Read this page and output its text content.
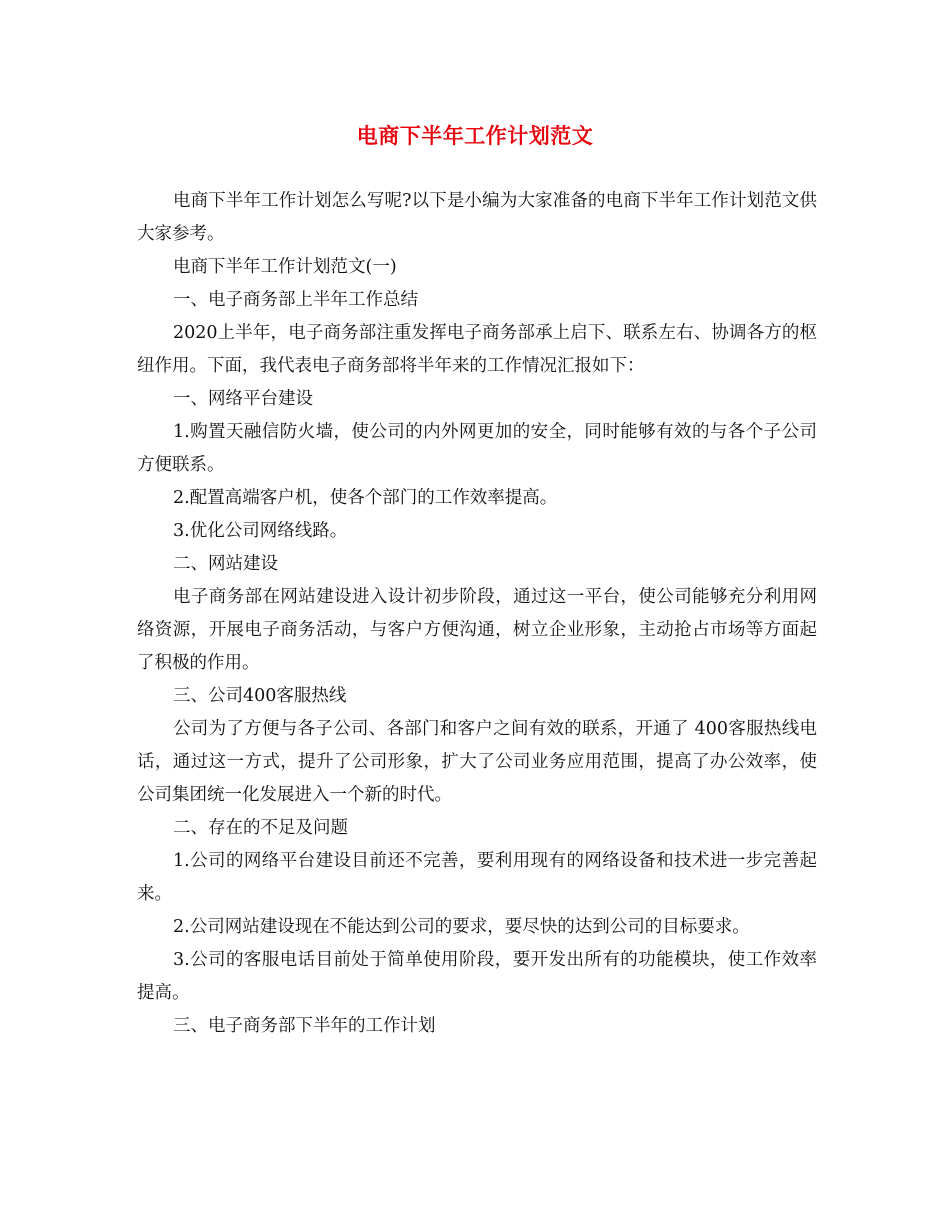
电商下半年工作计划范文

电商下半年工作计划怎么写呢?以下是小编为大家准备的电商下半年工作计划范文供大家参考。

电商下半年工作计划范文(一)

一、电子商务部上半年工作总结

2020上半年，电子商务部注重发挥电子商务部承上启下、联系左右、协调各方的枢纽作用。下面，我代表电子商务部将半年来的工作情况汇报如下：

一、网络平台建设

1.购置天融信防火墙，使公司的内外网更加的安全，同时能够有效的与各个子公司方便联系。

2.配置高端客户机，使各个部门的工作效率提高。

3.优化公司网络线路。

二、网站建设

电子商务部在网站建设进入设计初步阶段，通过这一平台，使公司能够充分利用网络资源，开展电子商务活动，与客户方便沟通，树立企业形象，主动抢占市场等方面起了积极的作用。

三、公司400客服热线

公司为了方便与各子公司、各部门和客户之间有效的联系，开通了 400客服热线电话，通过这一方式，提升了公司形象，扩大了公司业务应用范围，提高了办公效率，使公司集团统一化发展进入一个新的时代。

二、存在的不足及问题

1.公司的网络平台建设目前还不完善，要利用现有的网络设备和技术进一步完善起来。

2.公司网站建设现在不能达到公司的要求，要尽快的达到公司的目标要求。

3.公司的客服电话目前处于简单使用阶段，要开发出所有的功能模块，使工作效率提高。

三、电子商务部下半年的工作计划
